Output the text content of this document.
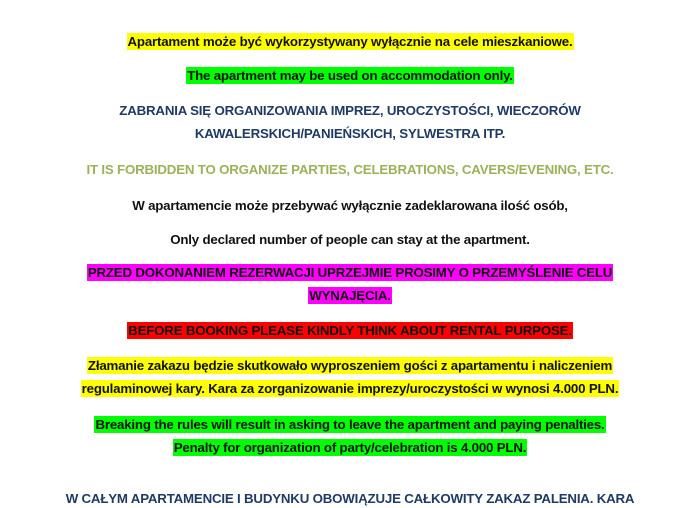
Apartament może być wykorzystywany wyłącznie na cele mieszkaniowe.
The apartment may be used on accommodation only.
ZABRANIA SIĘ ORGANIZOWANIA IMPREZ, UROCZYSTOŚCI, WIECZORÓW
KAWALERSKICH/PANIEŃSKICH, SYLWESTRA ITP.
IT IS FORBIDDEN TO ORGANIZE PARTIES, CELEBRATIONS, CAVERS/EVENING, ETC.
W apartamencie może przebywać wyłącznie zadeklarowana ilość osób,
Only declared number of people can stay at the apartment.
PRZED DOKONANIEM REZERWACJI UPRZEJMIE PROSIMY O PRZEMYŚLENIE CELU
WYNAJĘCIA.
BEFORE BOOKING PLEASE KINDLY THINK ABOUT RENTAL PURPOSE.
Złamanie zakazu będzie skutkowało wyproszeniem gości z apartamentu i naliczeniem
regulaminowej kary. Kara za zorganizowanie imprezy/uroczystości w wynosi 4.000 PLN.
Breaking the rules will result in asking to leave the apartment and paying penalties.
Penalty for organization of party/celebration is 4.000 PLN.
W CAŁYM APARTAMENCIE I BUDYNKU OBOWIĄZUJE CAŁKOWITY ZAKAZ PALENIA. KARA
